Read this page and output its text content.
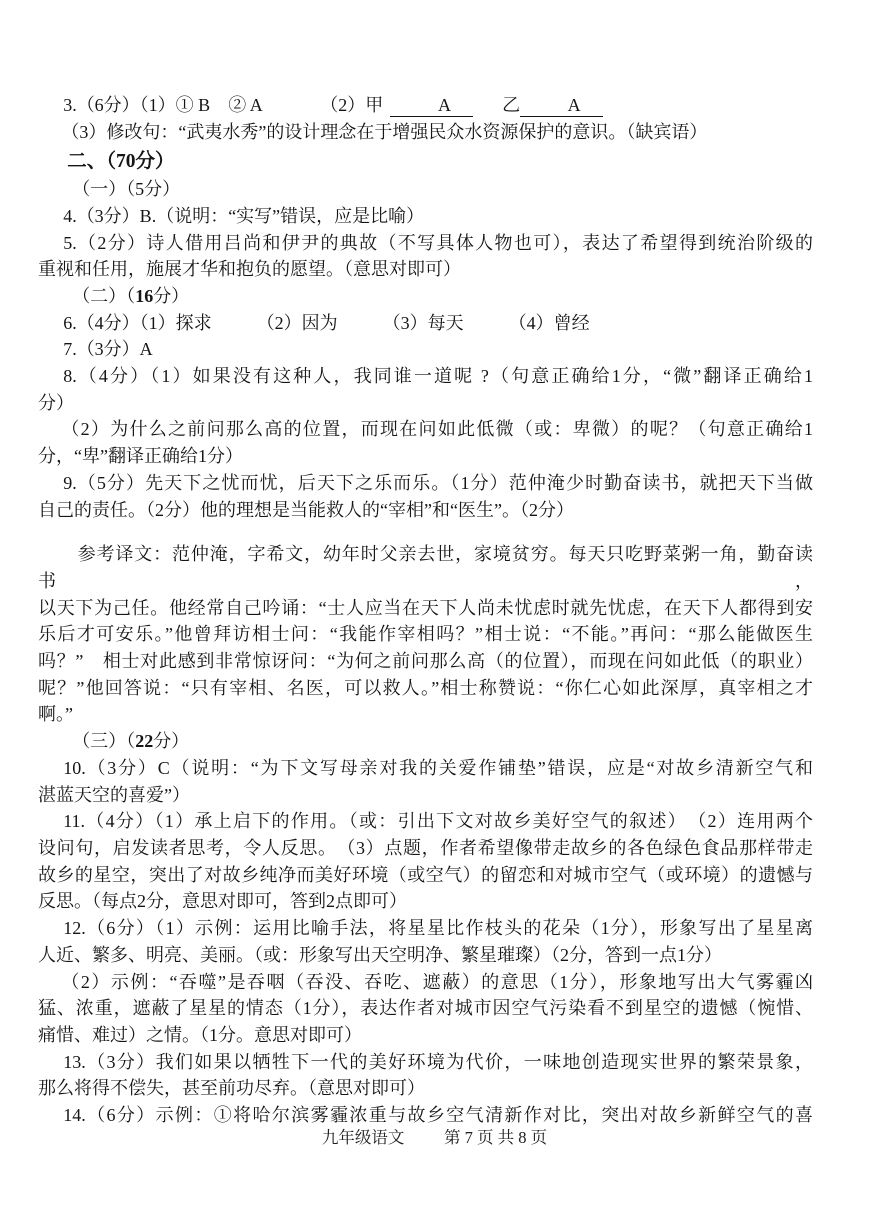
3.（6分）（1）① B　② A	（2）甲	A	乙	A
（3）修改句：“武夷水秀”的设计理念在于增强民众水资源保护的意识。（缺宾语）
二、（70分）
（一）（5分）
4.（3分）B.（说明：“实写”错误，应是比喻）
5.（2分）诗人借用吕尚和伊尹的典故（不写具体人物也可），表达了希望得到统治阶级的
重视和任用，施展才华和抱负的愿望。（意思对即可）
（二）（16分）
6.（4分）（1）探求　　　（2）因为　　　（3）每天　　　（4）曾经
7.（3分）A
8.（4分）（1）如果没有这种人，我同谁一道呢 ?（句意正确给1分，“微”翻译正确给1
分）
（2）为什么之前问那么高的位置，而现在问如此低微（或：卑微）的呢？（句意正确给1
分，“卑”翻译正确给1分）
9.（5分）先天下之忧而忧，后天下之乐而乐。（1分）范仲淹少时勤奋读书，就把天下当做
自己的责任。（2分）他的理想是当能救人的“宰相”和“医生”。（2分）
参考译文：范仲淹，字希文，幼年时父亲去世，家境贫穷。每天只吃野菜粥一角，勤奋读书，
以天下为己任。他经常自己吟诵：“士人应当在天下人尚未忧虑时就先忧虑，在天下人都得到安
乐后才可安乐。”他曾拜访相士问：“我能作宰相吗？”相士说：“不能。”再问：“那么能做医生
吗？”　相士对此感到非常惊讶问：“为何之前问那么高（的位置），而现在问如此低（的职业）
呢？”他回答说：“只有宰相、名医，可以救人。”相士称赞说：“你仁心如此深厚，真宰相之才
啊。”
（三）（22分）
10.（3分）C（说明：“为下文写母亲对我的关爱作铺垫”错误，应是“对故乡清新空气和
湛蓝天空的喜爱”）
11.（4分）（1）承上启下的作用。（或：引出下文对故乡美好空气的叙述）　（2）连用两个
设问句，启发读者思考，令人反思。　（3）点题，作者希望像带走故乡的各色绿色食品那样带走
故乡的星空，突出了对故乡纯净而美好环境（或空气）的留恋和对城市空气（或环境）的遗憾与
反思。（每点2分，意思对即可，答到2点即可）
12.（6分）（1）示例：运用比喻手法，将星星比作枝头的花朵（1分），形象写出了星星离
人近、繁多、明亮、美丽。（或：形象写出天空明净、繁星璀璨）（2分，答到一点1分）
（2）示例：“吞噬”是吞咽（吞没、吞吃、遮蔽）的意思（1分），形象地写出大气雾霾凶
猛、浓重，遮蔽了星星的情态（1分），表达作者对城市因空气污染看不到星空的遗憾（惋惜、
痛惜、难过）之情。（1分。意思对即可）
13.（3分）我们如果以牺牲下一代的美好环境为代价，一味地创造现实世界的繁荣景象，
那么将得不偿失，甚至前功尽弃。（意思对即可）
14.（6分）示例：①将哈尔滨雾霾浓重与故乡空气清新作对比，突出对故乡新鲜空气的喜
九年级语文 第 7 页 共 8 页
